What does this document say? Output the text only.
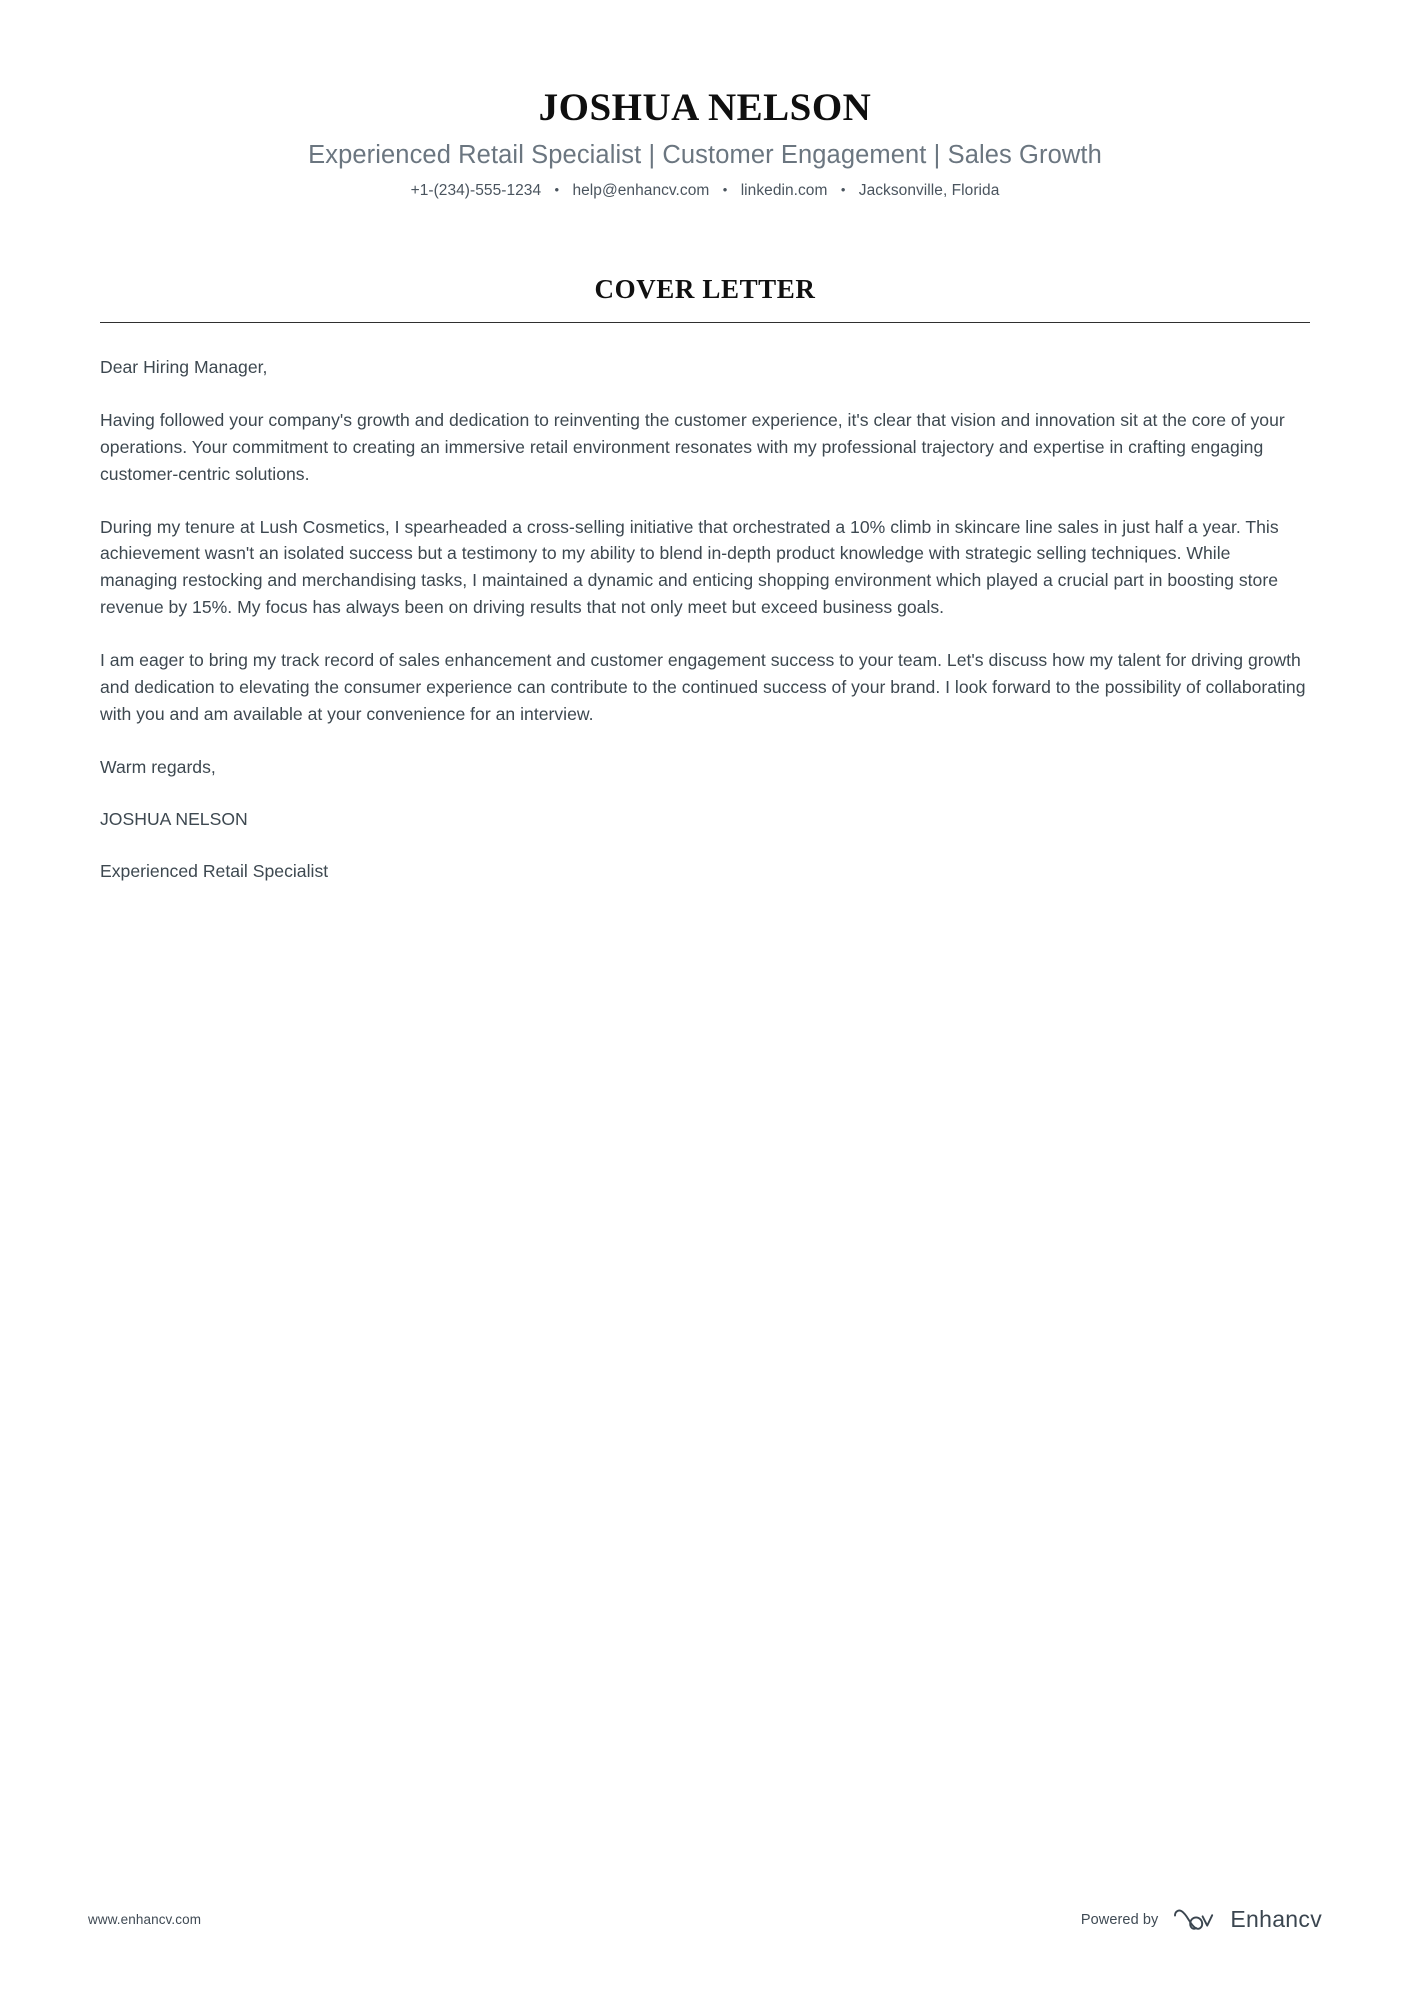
JOSHUA NELSON
Experienced Retail Specialist | Customer Engagement | Sales Growth
+1-(234)-555-1234 • help@enhancv.com • linkedin.com • Jacksonville, Florida
COVER LETTER

Dear Hiring Manager,

Having followed your company's growth and dedication to reinventing the customer experience, it's clear that vision and innovation sit at the core of your operations. Your commitment to creating an immersive retail environment resonates with my professional trajectory and expertise in crafting engaging customer-centric solutions.

During my tenure at Lush Cosmetics, I spearheaded a cross-selling initiative that orchestrated a 10% climb in skincare line sales in just half a year. This achievement wasn't an isolated success but a testimony to my ability to blend in-depth product knowledge with strategic selling techniques. While managing restocking and merchandising tasks, I maintained a dynamic and enticing shopping environment which played a crucial part in boosting store revenue by 15%. My focus has always been on driving results that not only meet but exceed business goals.

I am eager to bring my track record of sales enhancement and customer engagement success to your team. Let's discuss how my talent for driving growth and dedication to elevating the consumer experience can contribute to the continued success of your brand. I look forward to the possibility of collaborating with you and am available at your convenience for an interview.

Warm regards,

JOSHUA NELSON

Experienced Retail Specialist

www.enhancv.com	Powered by	Enhancv
